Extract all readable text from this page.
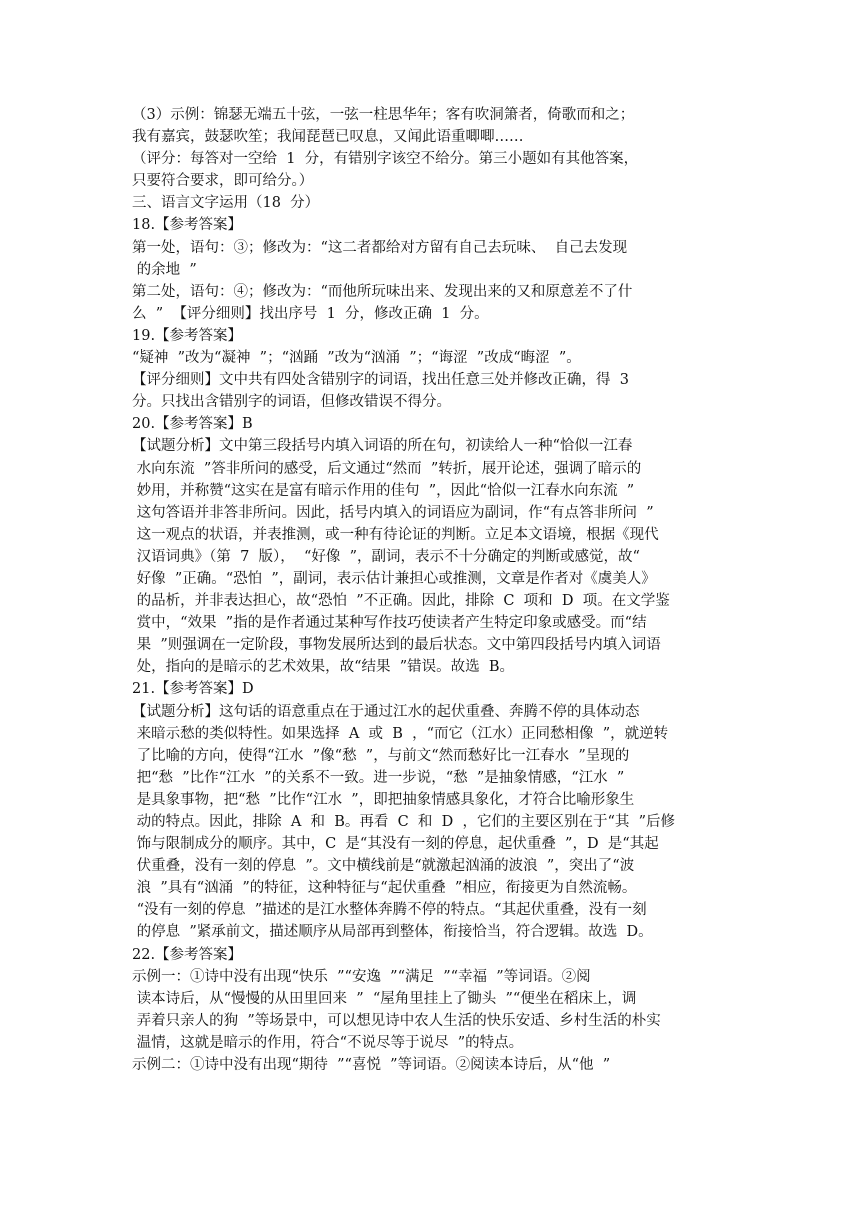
（3）示例：锦瑟无端五十弦，一弦一柱思华年；客有吹洞箫者，倚歌而和之；
我有嘉宾，鼓瑟吹笙；我闻琵琶已叹息，又闻此语重唧唧……
（评分：每答对一空给  1  分，有错别字该空不给分。第三小题如有其他答案，
只要符合要求，即可给分。）
三、语言文字运用（18  分）
18.【参考答案】
第一处，语句：③；修改为：“这二者都给对方留有自己去玩味、  自己去发现
的余地  ”
第二处，语句：④；修改为：“而他所玩味出来、发现出来的又和原意差不了什
么  ”  【评分细则】找出序号  1  分，修改正确  1  分。
19.【参考答案】
“疑神  ”改为“凝神  ”；“汹踊  ”改为“汹涌  ”；“诲涩  ”改成“晦涩  ”。
【评分细则】文中共有四处含错别字的词语，找出任意三处并修改正确，得  3
分。只找出含错别字的词语，但修改错误不得分。
20.【参考答案】B
【试题分析】文中第三段括号内填入词语的所在句，初读给人一种“恰似一江春
水向东流  ”答非所问的感受，后文通过“然而  ”转折，展开论述，强调了暗示的
妙用，并称赞“这实在是富有暗示作用的佳句  ”，因此“恰似一江春水向东流  ”
这句答语并非答非所问。因此，括号内填入的词语应为副词，作“有点答非所问  ”
这一观点的状语，并表推测，或一种有待论证的判断。立足本文语境，根据《现代
汉语词典》（第  7  版），  “好像  ”，副词，表示不十分确定的判断或感觉，故“
好像  ”正确。“恐怕  ”，副词，表示估计兼担心或推测，文章是作者对《虞美人》
的品析，并非表达担心，故“恐怕  ”不正确。因此，排除  C  项和  D  项。在文学鉴
赏中，“效果  ”指的是作者通过某种写作技巧使读者产生特定印象或感受。而“结
果  ”则强调在一定阶段，事物发展所达到的最后状态。文中第四段括号内填入词语
处，指向的是暗示的艺术效果，故“结果  ”错误。故选  B。
21.【参考答案】D
【试题分析】这句话的语意重点在于通过江水的起伏重叠、奔腾不停的具体动态
来暗示愁的类似特性。如果选择  A  或  B  ，“而它（江水）正同愁相像  ”，就逆转
了比喻的方向，使得“江水  ”像“愁  ”，与前文“然而愁好比一江春水  ”呈现的
把“愁  ”比作“江水  ”的关系不一致。进一步说，“愁  ”是抽象情感，“江水  ”
是具象事物，把“愁  ”比作“江水  ”，即把抽象情感具象化，才符合比喻形象生
动的特点。因此，排除  A  和  B。再看  C  和  D  ，它们的主要区别在于“其  ”后修
饰与限制成分的顺序。其中，C  是“其没有一刻的停息，起伏重叠  ”，D  是“其起
伏重叠，没有一刻的停息  ”。文中横线前是“就激起汹涌的波浪  ”，突出了“波
浪  ”具有“汹涌  ”的特征，这种特征与“起伏重叠  ”相应，衔接更为自然流畅。
“没有一刻的停息  ”描述的是江水整体奔腾不停的特点。“其起伏重叠，没有一刻
的停息  ”紧承前文，描述顺序从局部再到整体，衔接恰当，符合逻辑。故选  D。
22.【参考答案】
示例一：①诗中没有出现“快乐  ”“安逸  ”“满足  ”“幸福  ”等词语。②阅
读本诗后，从“慢慢的从田里回来  ”  “屋角里挂上了锄头  ”“便坐在稻床上，调
弄着只亲人的狗  ”等场景中，可以想见诗中农人生活的快乐安适、乡村生活的朴实
温情，这就是暗示的作用，符合“不说尽等于说尽  ”的特点。
示例二：①诗中没有出现“期待  ”“喜悦  ”等词语。②阅读本诗后，从“他  ”
